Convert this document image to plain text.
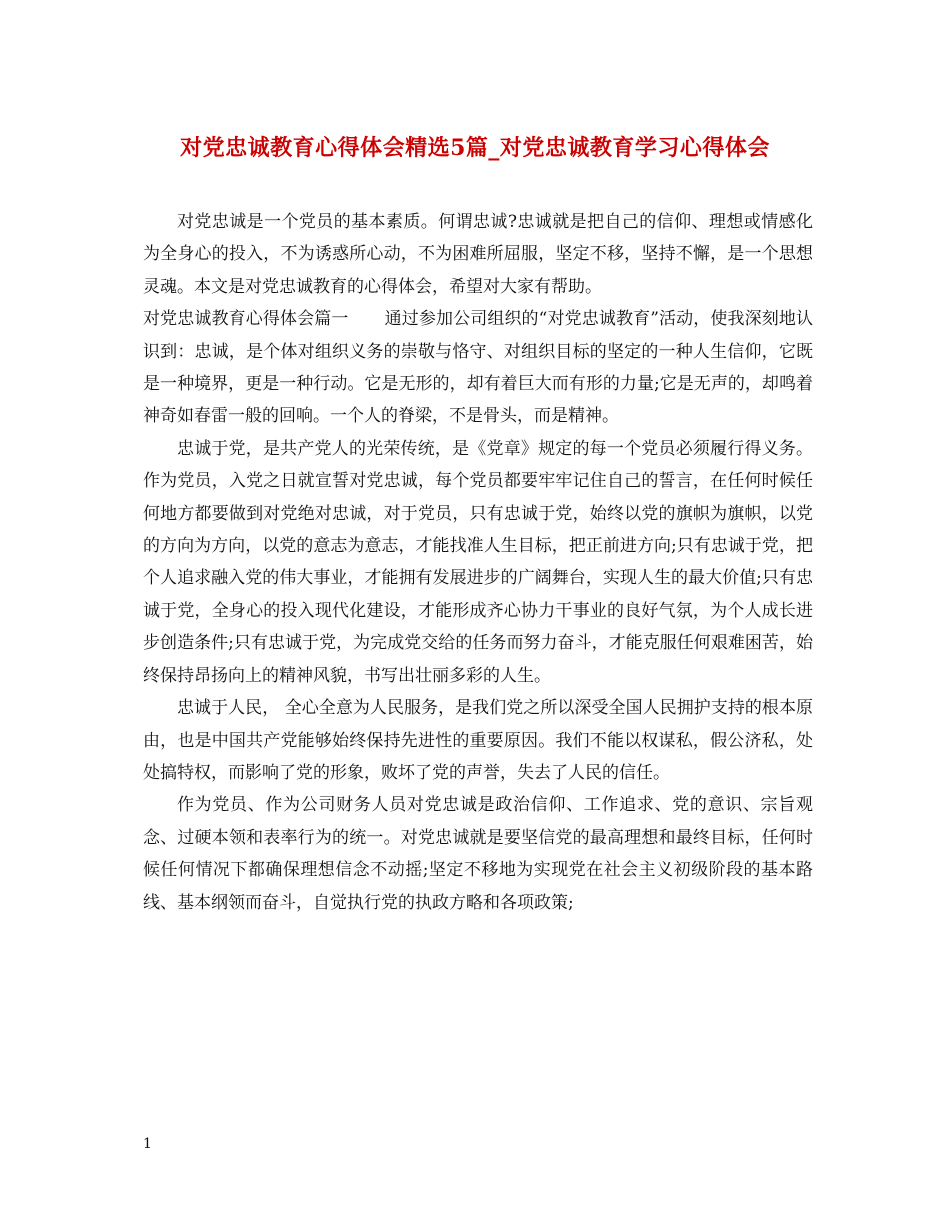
对党忠诚教育心得体会精选5篇_对党忠诚教育学习心得体会

对党忠诚是一个党员的基本素质。何谓忠诚?忠诚就是把自己的信仰、理想或情感化为全身心的投入，不为诱惑所心动，不为困难所屈服，坚定不移，坚持不懈，是一个思想灵魂。本文是对党忠诚教育的心得体会，希望对大家有帮助。

对党忠诚教育心得体会篇一 通过参加公司组织的“对党忠诚教育”活动，使我深刻地认识到：忠诚，是个体对组织义务的崇敬与恪守、对组织目标的坚定的一种人生信仰，它既是一种境界，更是一种行动。它是无形的，却有着巨大而有形的力量;它是无声的，却鸣着神奇如春雷一般的回响。一个人的脊梁，不是骨头，而是精神。

忠诚于党，是共产党人的光荣传统，是《党章》规定的每一个党员必须履行得义务。作为党员，入党之日就宣誓对党忠诚，每个党员都要牢牢记住自己的誓言，在任何时候任何地方都要做到对党绝对忠诚，对于党员，只有忠诚于党，始终以党的旗帜为旗帜，以党的方向为方向，以党的意志为意志，才能找准人生目标，把正前进方向;只有忠诚于党，把个人追求融入党的伟大事业，才能拥有发展进步的广阔舞台，实现人生的最大价值;只有忠诚于党，全身心的投入现代化建设，才能形成齐心协力干事业的良好气氛，为个人成长进步创造条件;只有忠诚于党，为完成党交给的任务而努力奋斗，才能克服任何艰难困苦，始终保持昂扬向上的精神风貌，书写出壮丽多彩的人生。

忠诚于人民， 全心全意为人民服务，是我们党之所以深受全国人民拥护支持的根本原由，也是中国共产党能够始终保持先进性的重要原因。我们不能以权谋私，假公济私，处处搞特权，而影响了党的形象，败坏了党的声誉，失去了人民的信任。

作为党员、作为公司财务人员对党忠诚是政治信仰、工作追求、党的意识、宗旨观念、过硬本领和表率行为的统一。对党忠诚就是要坚信党的最高理想和最终目标，任何时候任何情况下都确保理想信念不动摇;坚定不移地为实现党在社会主义初级阶段的基本路线、基本纲领而奋斗，自觉执行党的执政方略和各项政策;

1
